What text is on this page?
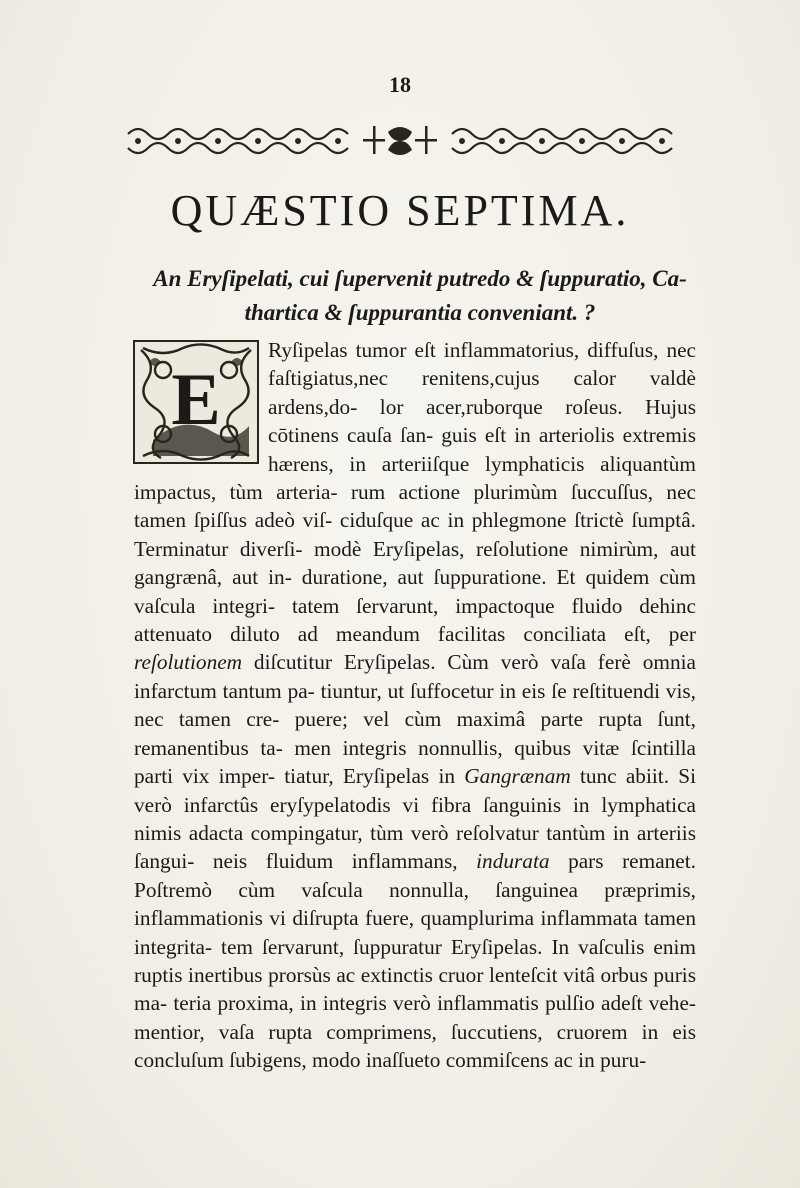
18
QUÆSTIO SEPTIMA.
An Eryſipelati, cui ſupervenit putredo & ſuppuratio, Ca- thartica & ſuppurantia conveniant. ?
E
Ryſipelas tumor eſt inflammatorius, diffuſus, nec faſtigiatus,nec renitens,cujus calor valdè ardens,do- lor acer,ruborque roſeus. Hujus cōtinens cauſa ſan- guis eſt in arteriolis extremis hærens, in arteriiſque lymphaticis aliquantùm impactus, tùm arteria- rum actione plurimùm ſuccuſſus, nec tamen ſpiſſus adeò viſ- ciduſque ac in phlegmone ſtrictè ſumptâ. Terminatur diverſi- modè Eryſipelas, reſolutione nimirùm, aut gangrænâ, aut in- duratione, aut ſuppuratione. Et quidem cùm vaſcula integri- tatem ſervarunt, impactoque fluido dehinc attenuato diluto ad meandum facilitas conciliata eſt, per reſolutionem diſcutitur Eryſipelas. Cùm verò vaſa ferè omnia infarctum tantum pa- tiuntur, ut ſuffocetur in eis ſe reſtituendi vis, nec tamen cre- puere; vel cùm maximâ parte rupta ſunt, remanentibus ta- men integris nonnullis, quibus vitæ ſcintilla parti vix imper- tiatur, Eryſipelas in Gangrænam tunc abiit. Si verò infarctûs eryſypelatodis vi fibra ſanguinis in lymphatica nimis adacta compingatur, tùm verò reſolvatur tantùm in arteriis ſangui- neis fluidum inflammans, indurata pars remanet. Poſtremò cùm vaſcula nonnulla, ſanguinea præprimis, inflammationis vi diſrupta fuere, quamplurima inflammata tamen integrita- tem ſervarunt, ſuppuratur Eryſipelas. In vaſculis enim ruptis inertibus prorsùs ac extinctis cruor lenteſcit vitâ orbus puris ma- teria proxima, in integris verò inflammatis pulſio adeſt vehe- mentior, vaſa rupta comprimens, ſuccutiens, cruorem in eis concluſum ſubigens, modo inaſſueto commiſcens ac in puru-
